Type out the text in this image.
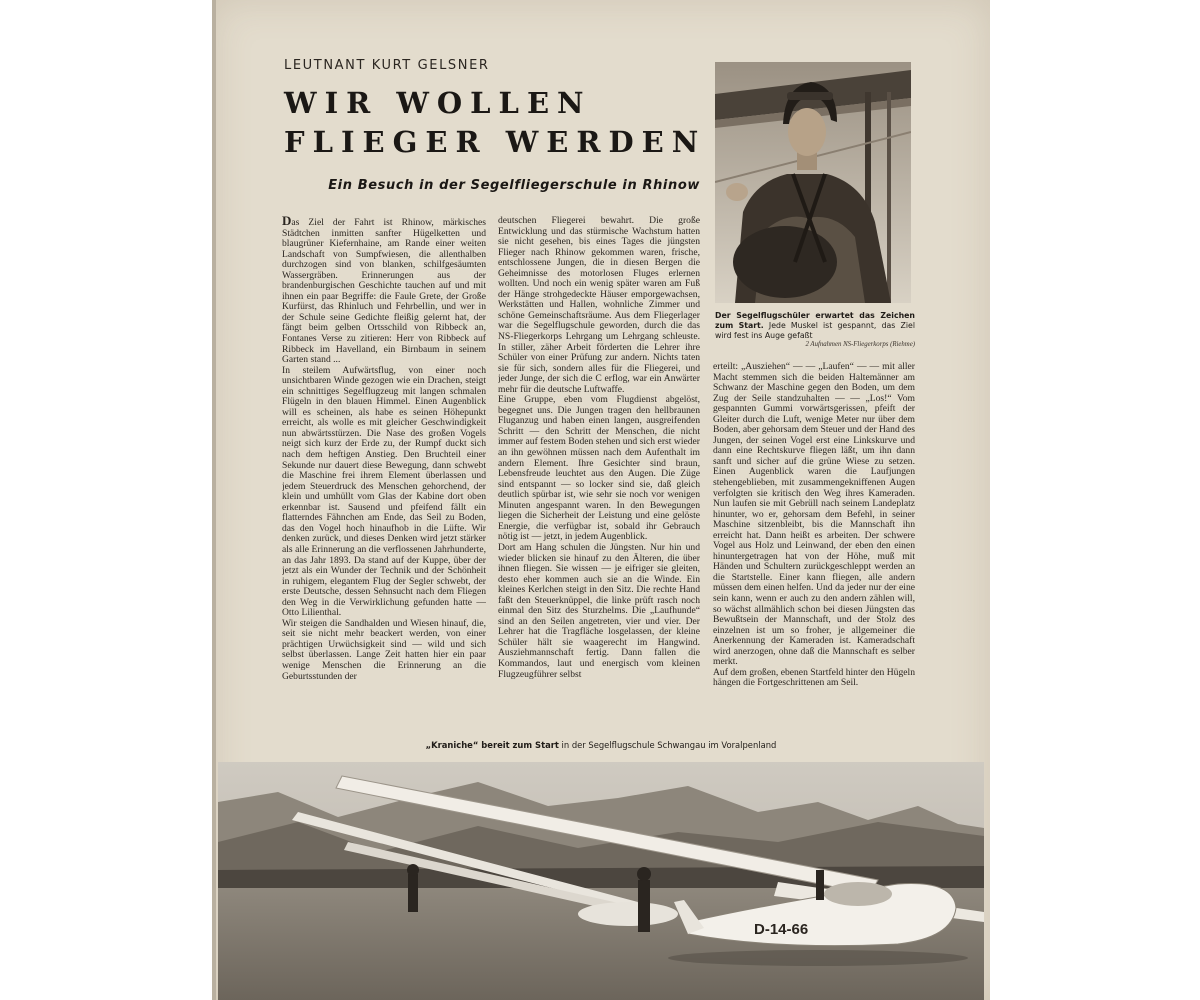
LEUTNANT KURT GELSNER
WIR WOLLEN
FLIEGER WERDEN
Ein Besuch in der Segelfliegerschule in Rhinow

Das Ziel der Fahrt ist Rhinow, märkisches Städtchen inmitten sanfter Hügelketten und blaugrüner Kiefernhaine, am Rande einer weiten Landschaft von Sumpfwiesen, die allenthalben durchzogen sind von blanken, schilfgesäumten Wassergräben. Erinnerungen aus der brandenburgischen Geschichte tauchen auf und mit ihnen ein paar Begriffe: die Faule Grete, der Große Kurfürst, das Rhinluch und Fehrbellin, und wer in der Schule seine Gedichte fleißig gelernt hat, der fängt beim gelben Ortsschild von Ribbeck an, Fontanes Verse zu zitieren: Herr von Ribbeck auf Ribbeck im Havelland, ein Birnbaum in seinem Garten stand ...

In steilem Aufwärtsflug, von einer noch unsichtbaren Winde gezogen wie ein Drachen, steigt ein schnittiges Segelflugzeug mit langen schmalen Flügeln in den blauen Himmel. Einen Augenblick will es scheinen, als habe es seinen Höhepunkt erreicht, als wolle es mit gleicher Geschwindigkeit nun abwärtsstürzen. Die Nase des großen Vogels neigt sich kurz der Erde zu, der Rumpf duckt sich nach dem heftigen Anstieg. Den Bruchteil einer Sekunde nur dauert diese Bewegung, dann schwebt die Maschine frei ihrem Element überlassen und jedem Steuerdruck des Menschen gehorchend, der klein und umhüllt vom Glas der Kabine dort oben erkennbar ist. Sausend und pfeifend fällt ein flatterndes Fähnchen am Ende, das Seil zu Boden, das den Vogel hoch hinaufhob in die Lüfte. Wir denken zurück, und dieses Denken wird jetzt stärker als alle Erinnerung an die verflossenen Jahrhunderte, an das Jahr 1893. Da stand auf der Kuppe, über der jetzt als ein Wunder der Technik und der Schönheit in ruhigem, elegantem Flug der Segler schwebt, der erste Deutsche, dessen Sehnsucht nach dem Fliegen den Weg in die Verwirklichung gefunden hatte — Otto Lilienthal.

Wir steigen die Sandhalden und Wiesen hinauf, die, seit sie nicht mehr beackert werden, von einer prächtigen Urwüchsigkeit sind — wild und sich selbst überlassen. Lange Zeit hatten hier ein paar wenige Menschen die Erinnerung an die Geburtsstunden der

deutschen Fliegerei bewahrt. Die große Entwicklung und das stürmische Wachstum hatten sie nicht gesehen, bis eines Tages die jüngsten Flieger nach Rhinow gekommen waren, frische, entschlossene Jungen, die in diesen Bergen die Geheimnisse des motorlosen Fluges erlernen wollten. Und noch ein wenig später waren am Fuß der Hänge strohgedeckte Häuser emporgewachsen, Werkstätten und Hallen, wohnliche Zimmer und schöne Gemeinschaftsräume. Aus dem Fliegerlager war die Segelflugschule geworden, durch die das NS-Fliegerkorps Lehrgang um Lehrgang schleuste. In stiller, zäher Arbeit förderten die Lehrer ihre Schüler von einer Prüfung zur andern. Nichts taten sie für sich, sondern alles für die Fliegerei, und jeder Junge, der sich die C erflog, war ein Anwärter mehr für die deutsche Luftwaffe.

Eine Gruppe, eben vom Flugdienst abgelöst, begegnet uns. Die Jungen tragen den hellbraunen Fluganzug und haben einen langen, ausgreifenden Schritt — den Schritt der Menschen, die nicht immer auf festem Boden stehen und sich erst wieder an ihn gewöhnen müssen nach dem Aufenthalt im andern Element. Ihre Gesichter sind braun, Lebensfreude leuchtet aus den Augen. Die Züge sind entspannt — so locker sind sie, daß gleich deutlich spürbar ist, wie sehr sie noch vor wenigen Minuten angespannt waren. In den Bewegungen liegen die Sicherheit der Leistung und eine gelöste Energie, die verfügbar ist, sobald ihr Gebrauch nötig ist — jetzt, in jedem Augenblick.

Dort am Hang schulen die Jüngsten. Nur hin und wieder blicken sie hinauf zu den Älteren, die über ihnen fliegen. Sie wissen — je eifriger sie gleiten, desto eher kommen auch sie an die Winde. Ein kleines Kerlchen steigt in den Sitz. Die rechte Hand faßt den Steuerknüppel, die linke prüft rasch noch einmal den Sitz des Sturzhelms. Die „Laufhunde“ sind an den Seilen angetreten, vier und vier. Der Lehrer hat die Tragfläche losgelassen, der kleine Schüler hält sie waagerecht im Hangwind. Ausziehmannschaft fertig. Dann fallen die Kommandos, laut und energisch vom kleinen Flugzeugführer selbst

erteilt: „Ausziehen“ — — „Laufen“ — — mit aller Macht stemmen sich die beiden Haltemänner am Schwanz der Maschine gegen den Boden, um dem Zug der Seile standzuhalten — — „Los!“ Vom gespannten Gummi vorwärtsgerissen, pfeift der Gleiter durch die Luft, wenige Meter nur über dem Boden, aber gehorsam dem Steuer und der Hand des Jungen, der seinen Vogel erst eine Linkskurve und dann eine Rechtskurve fliegen läßt, um ihn dann sanft und sicher auf die grüne Wiese zu setzen. Einen Augenblick waren die Laufjungen stehengeblieben, mit zusammengekniffenen Augen verfolgten sie kritisch den Weg ihres Kameraden. Nun laufen sie mit Gebrüll nach seinem Landeplatz hinunter, wo er, gehorsam dem Befehl, in seiner Maschine sitzenbleibt, bis die Mannschaft ihn erreicht hat. Dann heißt es arbeiten. Der schwere Vogel aus Holz und Leinwand, der eben den einen hinuntergetragen hat von der Höhe, muß mit Händen und Schultern zurückgeschleppt werden an die Startstelle. Einer kann fliegen, alle andern müssen dem einen helfen. Und da jeder nur der eine sein kann, wenn er auch zu den andern zählen will, so wächst allmählich schon bei diesen Jüngsten das Bewußtsein der Mannschaft, und der Stolz des einzelnen ist um so froher, je allgemeiner die Anerkennung der Kameraden ist. Kameradschaft wird anerzogen, ohne daß die Mannschaft es selber merkt.

Auf dem großen, ebenen Startfeld hinter den Hügeln hängen die Fortgeschrittenen am Seil.

Der Segelflugschüler erwartet das Zeichen zum Start. Jede Muskel ist gespannt, das Ziel wird fest ins Auge gefaßt
2 Aufnahmen NS-Fliegerkorps (Riehme)
„Kraniche“ bereit zum Start in der Segelflugschule Schwangau im Voralpenland
D-14-66
